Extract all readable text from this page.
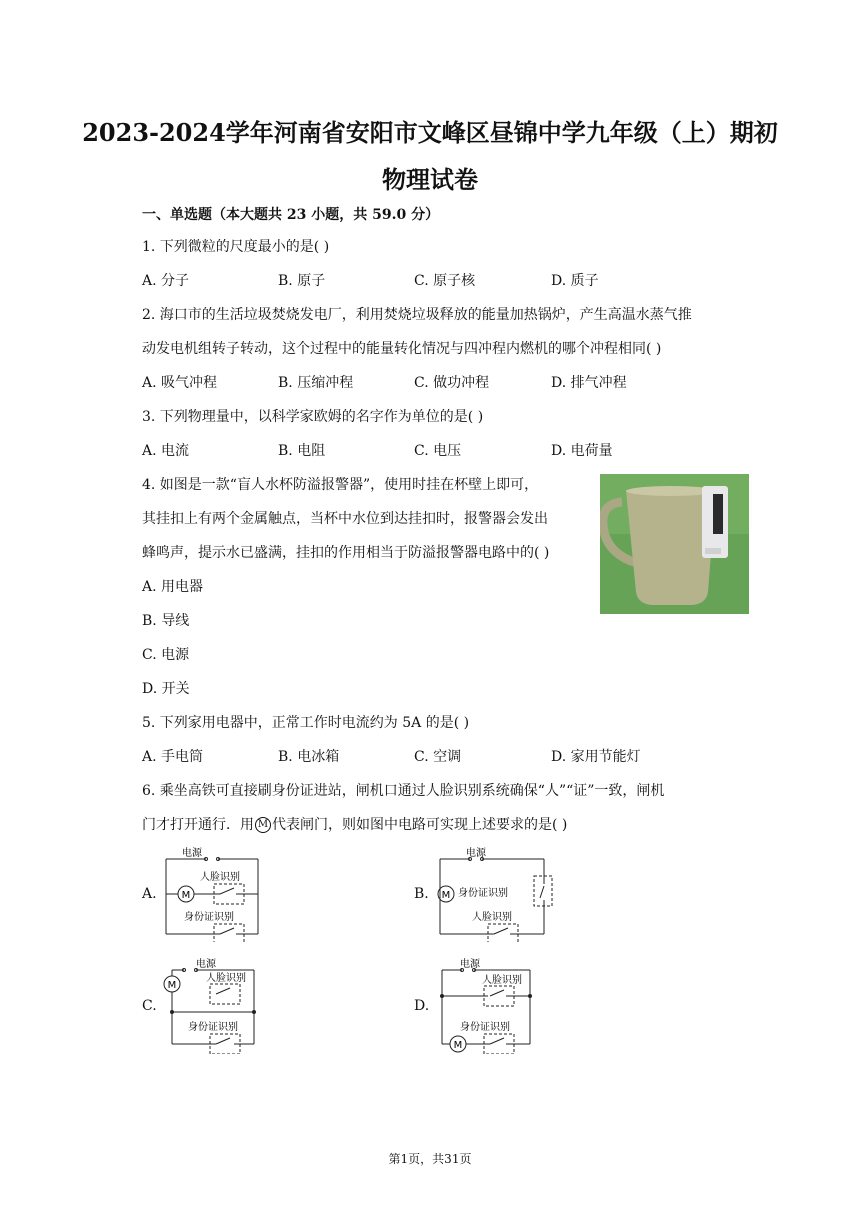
2023-2024学年河南省安阳市文峰区昼锦中学九年级（上）期初
物理试卷
一、单选题（本大题共 23 小题，共 59.0 分）
1. 下列微粒的尺度最小的是( )
A. 分子	B. 原子	C. 原子核	D. 质子
2. 海口市的生活垃圾焚烧发电厂，利用焚烧垃圾释放的能量加热锅炉，产生高温水蒸气推
动发电机组转子转动，这个过程中的能量转化情况与四冲程内燃机的哪个冲程相同( )
A. 吸气冲程	B. 压缩冲程	C. 做功冲程	D. 排气冲程
3. 下列物理量中，以科学家欧姆的名字作为单位的是( )
A. 电流	B. 电阻	C. 电压	D. 电荷量
4. 如图是一款“盲人水杯防溢报警器”，使用时挂在杯壁上即可，
其挂扣上有两个金属触点，当杯中水位到达挂扣时，报警器会发出
蜂鸣声，提示水已盛满，挂扣的作用相当于防溢报警器电路中的( )
A. 用电器
B. 导线
C. 电源
D. 开关
5. 下列家用电器中，正常工作时电流约为 5A 的是( )
A. 手电筒	B. 电冰箱	C. 空调	D. 家用节能灯
6. 乘坐高铁可直接刷身份证进站，闸机口通过人脸识别系统确保“人”“证”一致，闸机
门才打开通行．用 M 代表闸门，则如图中电路可实现上述要求的是( )
A.	M
电源
人脸识别
身份证识别
B. M
电源
身份证识别
人脸识别
C.
M
电源
人脸识别
身份证识别
D.
M
电源
人脸识别
身份证识别
第1页，共31页
